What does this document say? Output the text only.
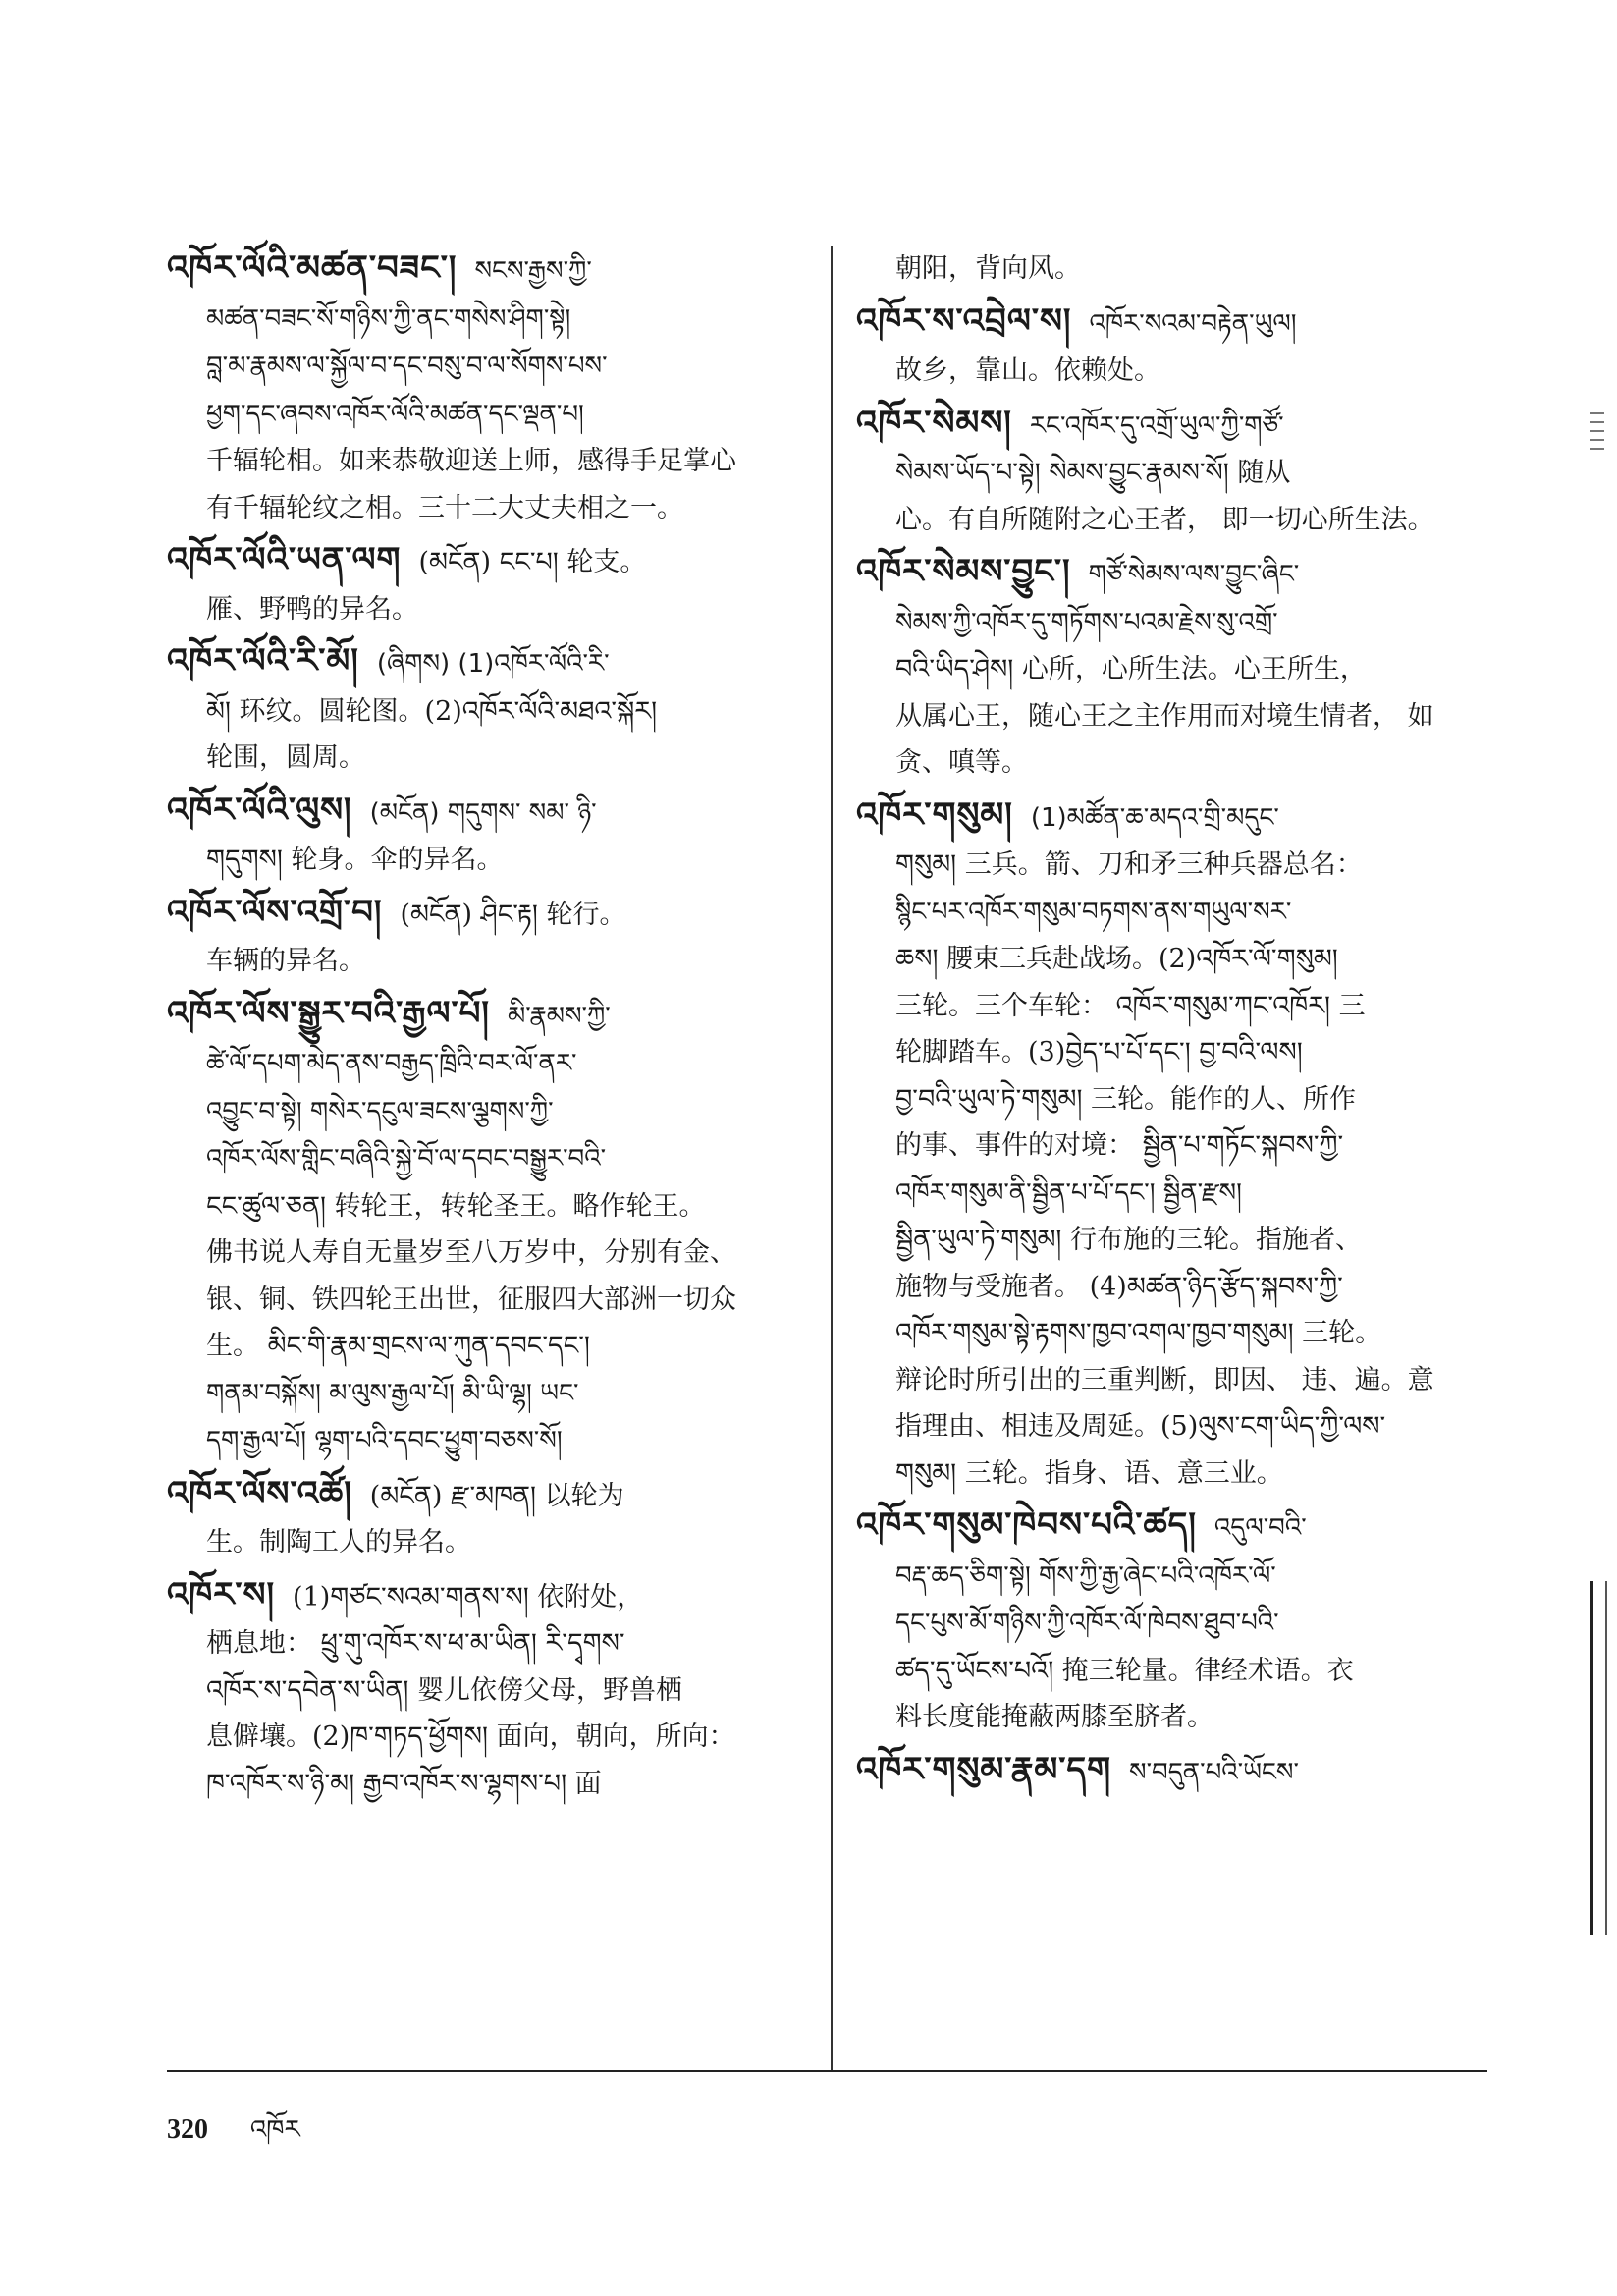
འཁོར་ལོའི་མཚན་བཟང་། སངས་རྒྱས་ཀྱི་
མཚན་བཟང་སོ་གཉིས་ཀྱི་ནང་གསེས་ཤིག་སྟེ།
བླ་མ་རྣམས་ལ་སྐྱོལ་བ་དང་བསུ་བ་ལ་སོགས་པས་
ཕྱག་དང་ཞབས་འཁོར་ལོའི་མཚན་དང་ལྡན་པ།
千辐轮相。如来恭敬迎送上师，感得手足掌心
有千辐轮纹之相。三十二大丈夫相之一。
འཁོར་ལོའི་ཡན་ལག (མངོན) ངང་པ། 轮支。
雁、野鸭的异名。
འཁོར་ལོའི་རི་མོ། (ཞིགས) (1)འཁོར་ལོའི་རི་
མོ། 环纹。圆轮图。(2)འཁོར་ལོའི་མཐའ་སྐོར།
轮围，圆周。
འཁོར་ལོའི་ལུས། (མངོན) གདུགས་ སམ་ ཉི་
གདུགས། 轮身。伞的异名。
འཁོར་ལོས་འགྲོ་བ། (མངོན) ཤིང་རྟ། 轮行。
车辆的异名。
འཁོར་ལོས་སྒྱུར་བའི་རྒྱལ་པོ། མི་རྣམས་ཀྱི་
ཚེ་ལོ་དཔག་མེད་ནས་བརྒྱད་ཁྲིའི་བར་ལོ་ནར་
འབྱུང་བ་སྟེ། གསེར་དངུལ་ཟངས་ལྕགས་ཀྱི་
འཁོར་ལོས་གླིང་བཞིའི་སྐྱེ་བོ་ལ་དབང་བསྒྱུར་བའི་
ངང་ཚུལ་ཅན། 转轮王，转轮圣王。略作轮王。
佛书说人寿自无量岁至八万岁中，分别有金、
银、铜、铁四轮王出世，征服四大部洲一切众
生。 མིང་གི་རྣམ་གྲངས་ལ་ཀུན་དབང་དང་།
གནམ་བསྐོས། མ་ལུས་རྒྱལ་པོ། མི་ཡི་ལྷ། ཡང་
དག་རྒྱལ་པོ། ལྷག་པའི་དབང་ཕྱུག་བཅས་སོ།
འཁོར་ལོས་འཚོ། (མངོན) རྫ་མཁན། 以轮为
生。制陶工人的异名。
འཁོར་ས། (1)གཙང་སའམ་གནས་ས། 依附处，
栖息地： ཕྲུ་གུ་འཁོར་ས་ཕ་མ་ཡིན། རི་དྭགས་
འཁོར་ས་དབེན་ས་ཡིན། 婴儿依傍父母，野兽栖
息僻壤。(2)ཁ་གཏད་ཕྱོགས། 面向，朝向，所向：
ཁ་འཁོར་ས་ཉི་མ། རྒྱབ་འཁོར་ས་ལྷགས་པ། 面
朝阳，背向风。
འཁོར་ས་འབྲེལ་ས། འཁོར་སའམ་བརྟེན་ཡུལ།
故乡，靠山。依赖处。
འཁོར་སེམས། རང་འཁོར་དུ་འགྲོ་ཡུལ་ཀྱི་གཙོ་
སེམས་ཡོད་པ་སྟེ། སེམས་བྱུང་རྣམས་སོ། 随从
心。有自所随附之心王者， 即一切心所生法。
འཁོར་སེམས་བྱུང་། གཙོ་སེམས་ལས་བྱུང་ཞིང་
སེམས་ཀྱི་འཁོར་དུ་གཏོགས་པའམ་རྗེས་སུ་འགྲོ་
བའི་ཡིད་ཤེས། 心所，心所生法。心王所生，
从属心王，随心王之主作用而对境生情者， 如
贪、嗔等。
འཁོར་གསུམ། (1)མཚོན་ཆ་མདའ་གྲི་མདུང་
གསུམ། 三兵。箭、刀和矛三种兵器总名：
སྙིང་པར་འཁོར་གསུམ་བཏགས་ནས་གཡུལ་སར་
ཆས། 腰束三兵赴战场。(2)འཁོར་ལོ་གསུམ།
三轮。三个车轮： འཁོར་གསུམ་ཀང་འཁོར། 三
轮脚踏车。(3)བྱེད་པ་པོ་དང་། བྱ་བའི་ལས།
བྱ་བའི་ཡུལ་ཏེ་གསུམ། 三轮。能作的人、所作
的事、事件的对境： སྦྱིན་པ་གཏོང་སྐབས་ཀྱི་
འཁོར་གསུམ་ནི་སྦྱིན་པ་པོ་དང་། སྦྱིན་རྫས།
སྦྱིན་ཡུལ་ཏེ་གསུམ། 行布施的三轮。指施者、
施物与受施者。 (4)མཚན་ཉིད་རྩོད་སྐབས་ཀྱི་
འཁོར་གསུམ་སྟེ་རྟགས་ཁྱབ་འགལ་ཁྱབ་གསུམ། 三轮。
辩论时所引出的三重判断，即因、 违、遍。意
指理由、相违及周延。(5)ལུས་ངག་ཡིད་ཀྱི་ལས་
གསུམ། 三轮。指身、语、意三业。
འཁོར་གསུམ་ཁེབས་པའི་ཚད། འདུལ་བའི་
བརྡ་ཆད་ཅིག་སྟེ། གོས་ཀྱི་རྒྱ་ཞེང་པའི་འཁོར་ལོ་
དང་པུས་མོ་གཉིས་ཀྱི་འཁོར་ལོ་ཁེབས་ཐུབ་པའི་
ཚད་དུ་ཡོངས་པའོ། 掩三轮量。律经术语。衣
料长度能掩蔽两膝至脐者。
འཁོར་གསུམ་རྣམ་དག ས་བདུན་པའི་ཡོངས་
320 འཁོར
